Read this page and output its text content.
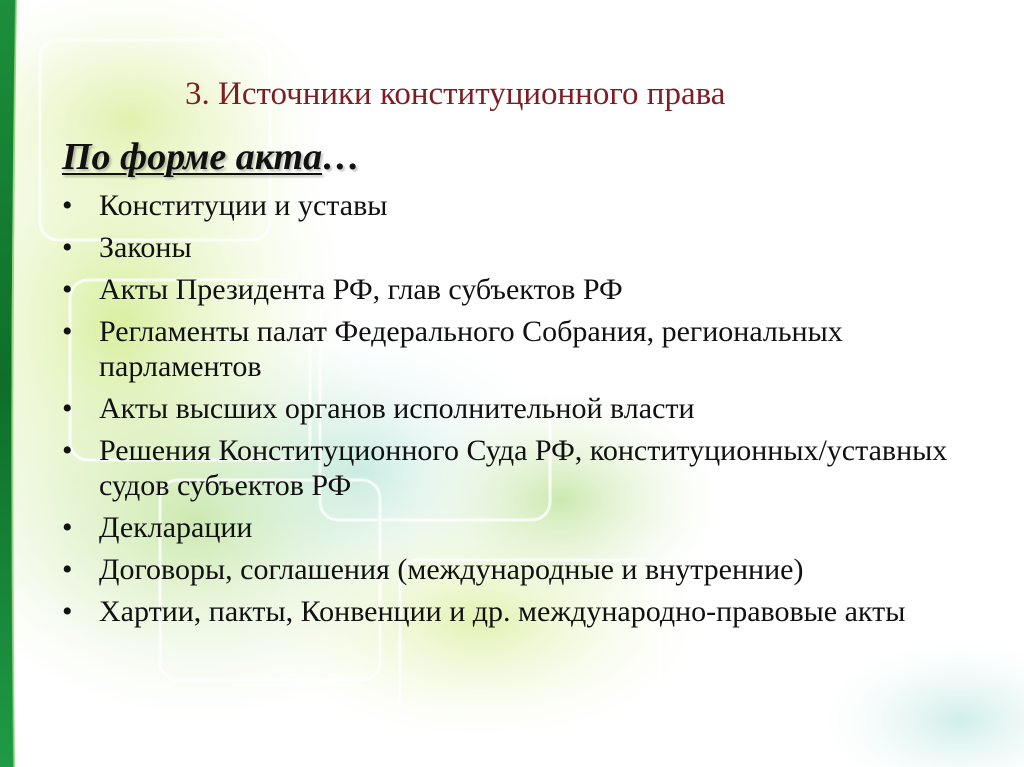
3. Источники конституционного права
По форме акта…
• Конституции и уставы
• Законы
• Акты Президента РФ, глав субъектов РФ
• Регламенты палат Федерального Собрания, региональных парламентов
• Акты высших органов исполнительной власти
• Решения Конституционного Суда РФ, конституционных/уставных судов субъектов РФ
• Декларации
• Договоры, соглашения (международные и внутренние)
• Хартии, пакты, Конвенции и др. международно-правовые акты
